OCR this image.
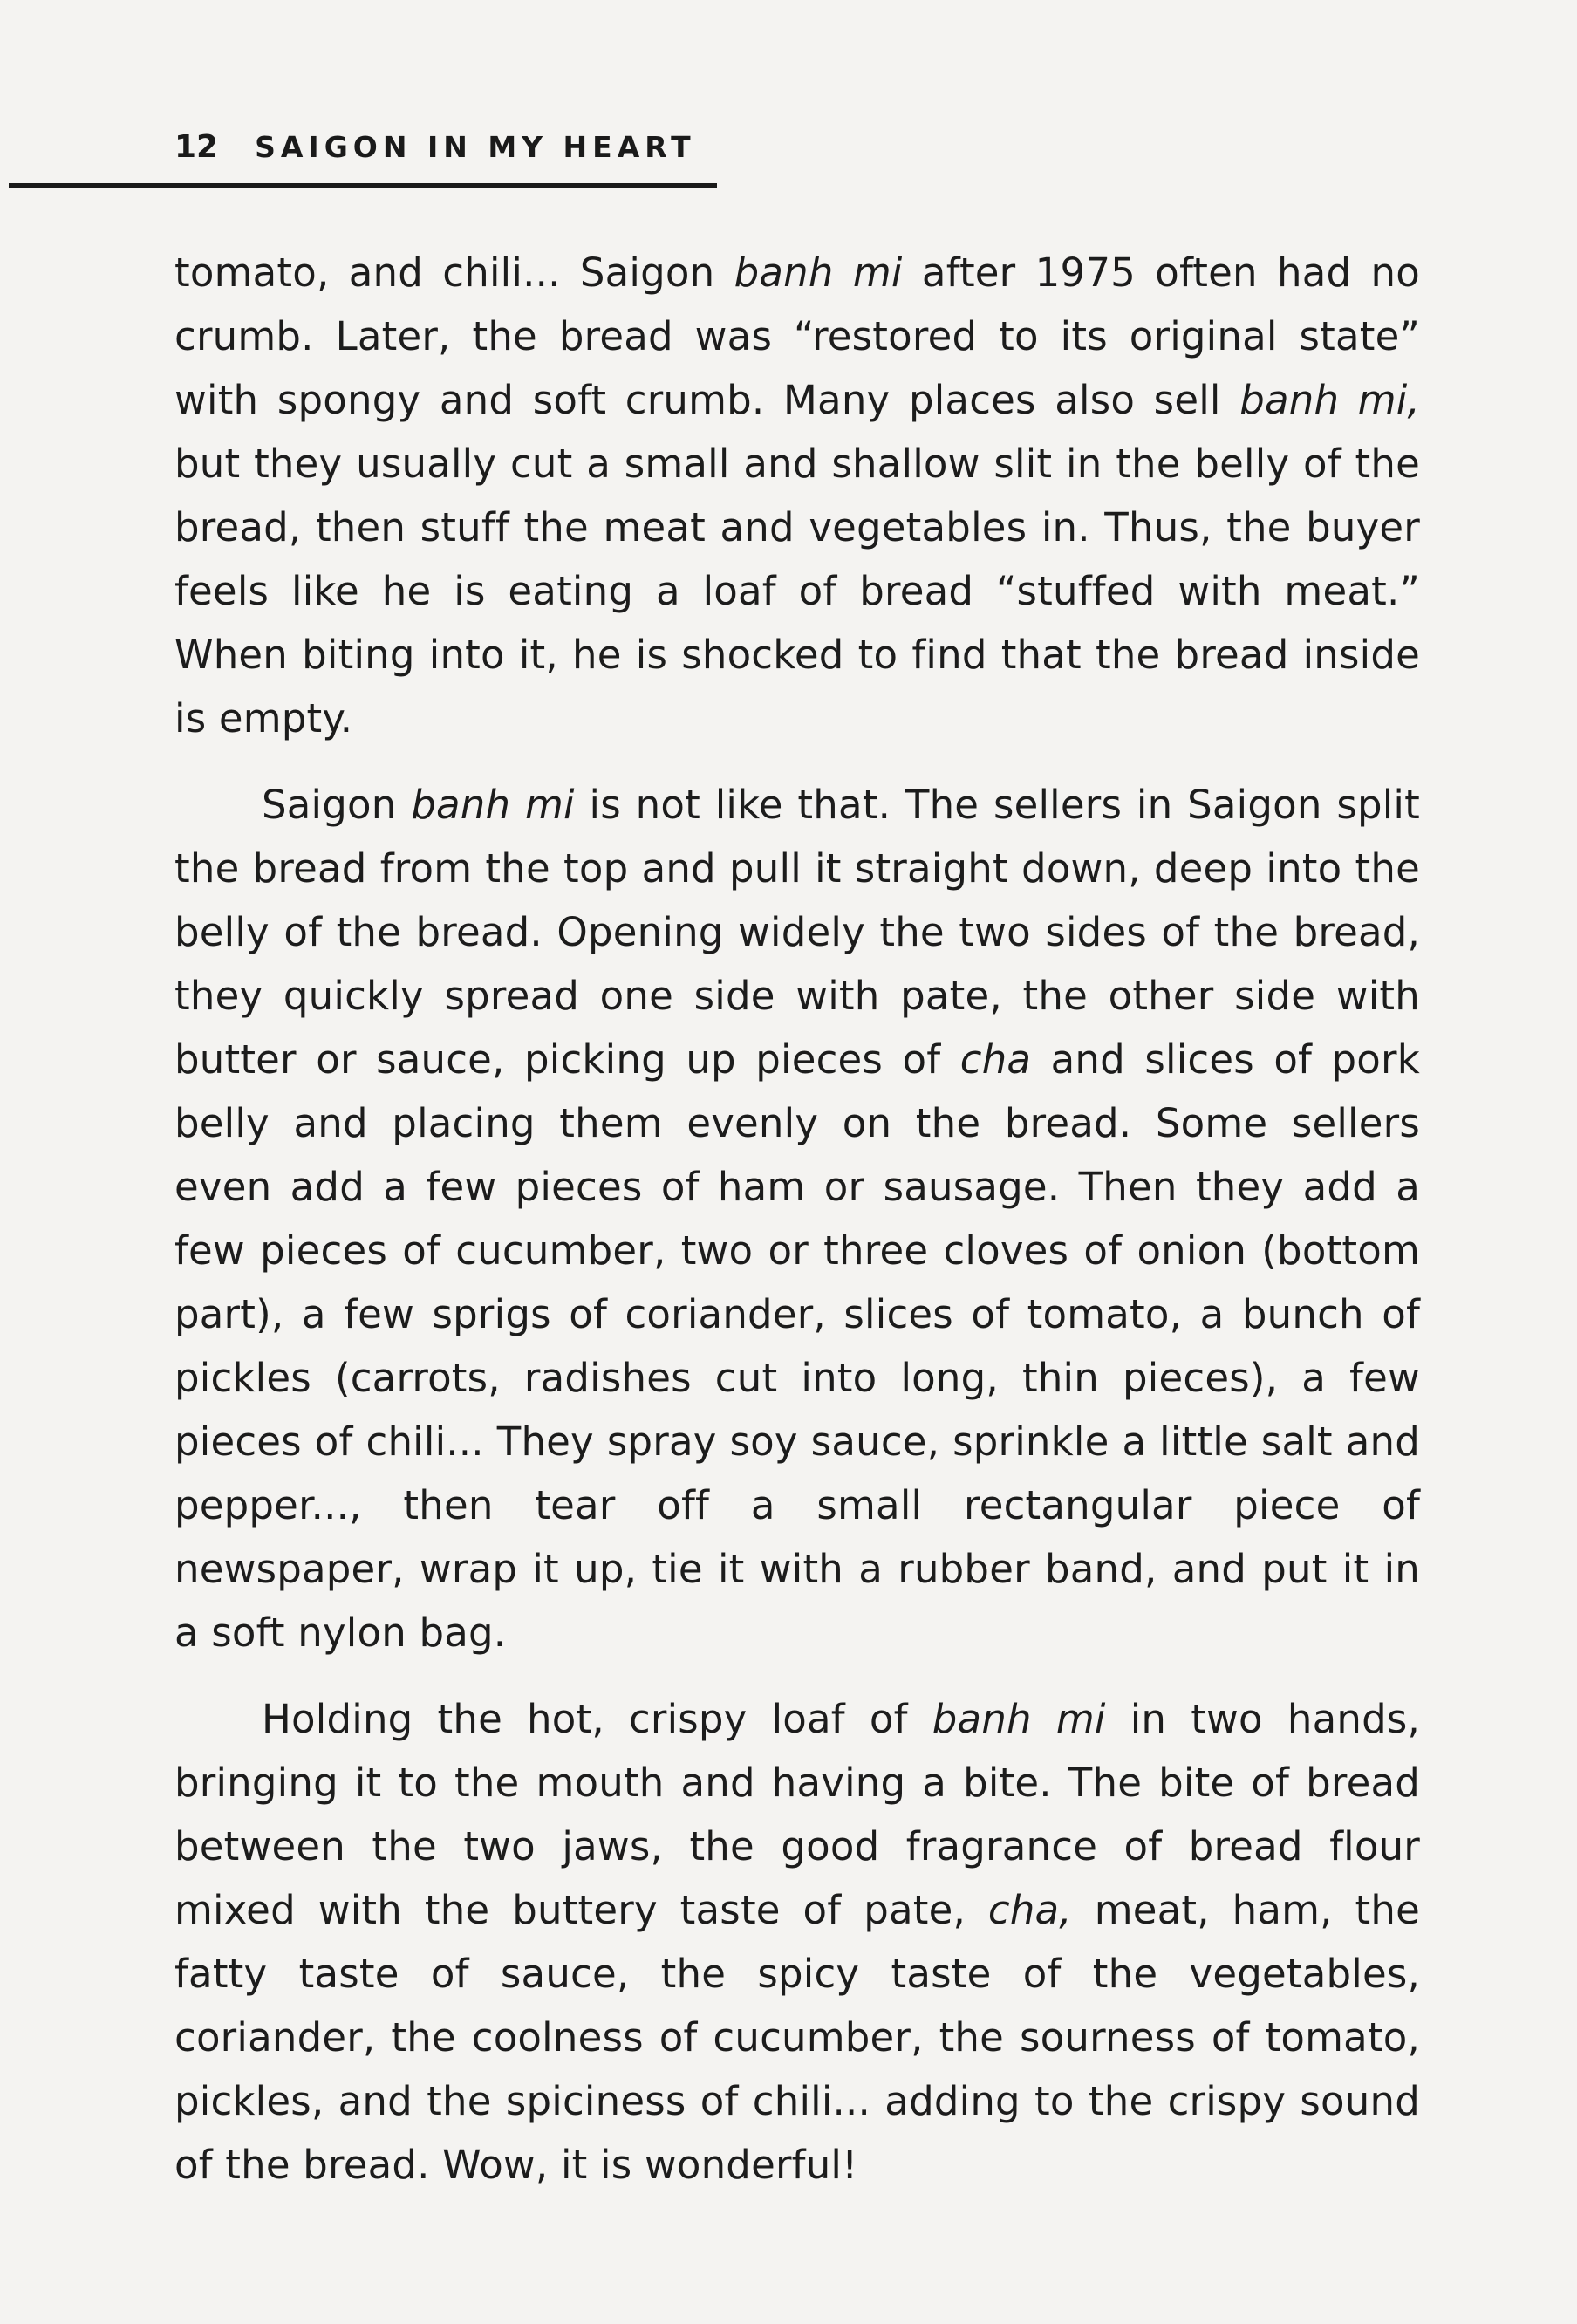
12 SAIGON IN MY HEART

tomato, and chili... Saigon banh mi after 1975 often had no crumb. Later, the bread was “restored to its original state” with spongy and soft crumb. Many places also sell banh mi, but they usually cut a small and shallow slit in the belly of the bread, then stuff the meat and vegetables in. Thus, the buyer feels like he is eating a loaf of bread “stuffed with meat.” When biting into it, he is shocked to find that the bread inside is empty.

Saigon banh mi is not like that. The sellers in Saigon split the bread from the top and pull it straight down, deep into the belly of the bread. Opening widely the two sides of the bread, they quickly spread one side with pate, the other side with butter or sauce, picking up pieces of cha and slices of pork belly and placing them evenly on the bread. Some sellers even add a few pieces of ham or sausage. Then they add a few pieces of cucumber, two or three cloves of onion (bottom part), a few sprigs of coriander, slices of tomato, a bunch of pickles (carrots, radishes cut into long, thin pieces), a few pieces of chili... They spray soy sauce, sprinkle a little salt and pepper..., then tear off a small rectangular piece of newspaper, wrap it up, tie it with a rubber band, and put it in a soft nylon bag.

Holding the hot, crispy loaf of banh mi in two hands, bringing it to the mouth and having a bite. The bite of bread between the two jaws, the good fragrance of bread flour mixed with the buttery taste of pate, cha, meat, ham, the fatty taste of sauce, the spicy taste of the vegetables, coriander, the coolness of cucumber, the sourness of tomato, pickles, and the spiciness of chili... adding to the crispy sound of the bread. Wow, it is wonderful!
